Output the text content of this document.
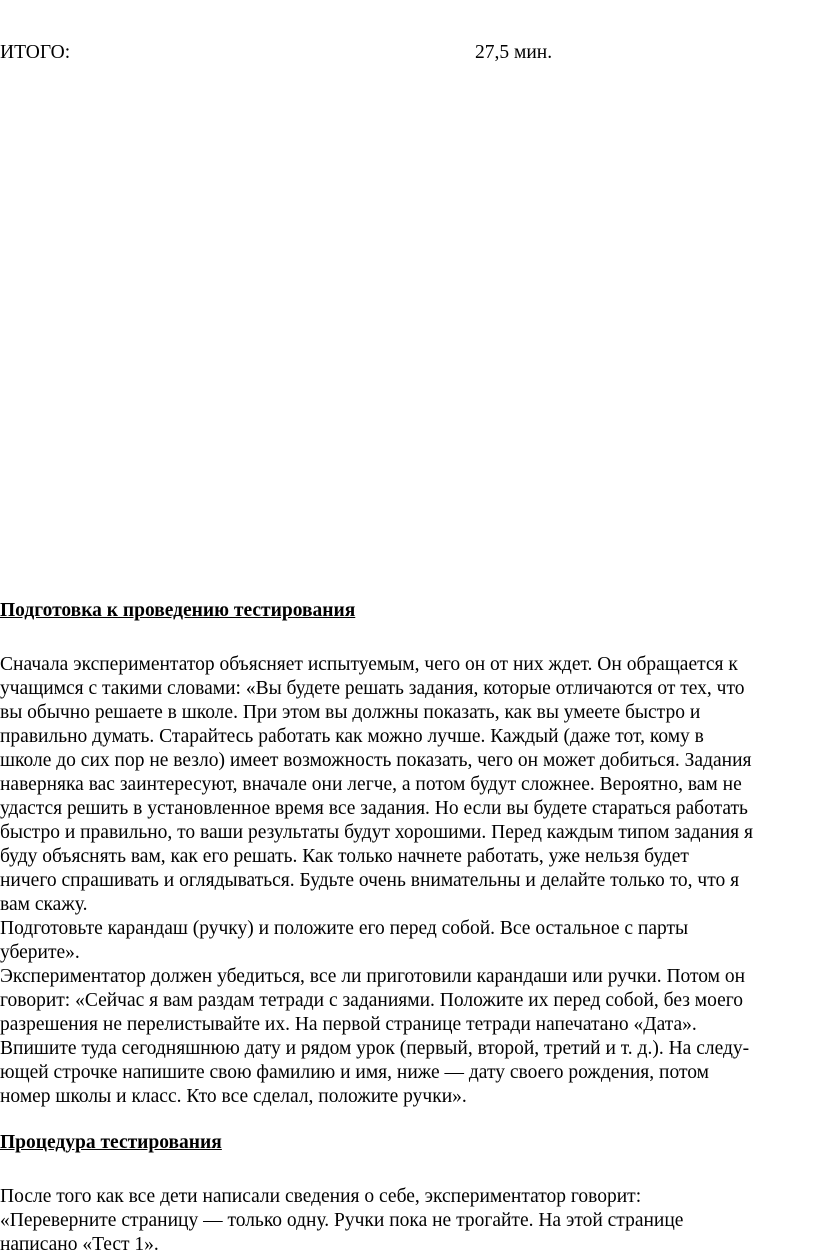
ИТОГО:	27,5 мин.
Подготовка к проведению тестирования
Сначала экспериментатор объясняет испытуемым, чего он от них ждет. Он обращается к
учащимся с такими словами: «Вы будете решать задания, которые отличаются от тех, что
вы обычно решаете в школе. При этом вы должны показать, как вы умеете быстро и
правильно думать. Старайтесь работать как можно лучше. Каждый (даже тот, кому в
школе до сих пор не везло) имеет возможность показать, чего он может добиться. Задания
наверняка вас заинтересуют, вначале они легче, а потом будут сложнее. Вероятно, вам не
удастся решить в установленное время все задания. Но если вы будете стараться работать
быстро и правильно, то ваши результаты будут хорошими. Перед каждым типом задания я
буду объяснять вам, как его решать. Как только начнете работать, уже нельзя будет
ничего спрашивать и оглядываться. Будьте очень внимательны и делайте только то, что я
вам скажу.
Подготовьте карандаш (ручку) и положите его перед собой. Все остальное с парты
уберите».
Экспериментатор должен убедиться, все ли приготовили карандаши или ручки. Потом он
говорит: «Сейчас я вам раздам тетради с заданиями. Положите их перед собой, без моего
разрешения не перелистывайте их. На первой странице тетради напечатано «Дата».
Впишите туда сегодняшнюю дату и рядом урок (первый, второй, третий и т. д.). На следу-
ющей строчке напишите свою фамилию и имя, ниже — дату своего рождения, потом
номер школы и класс. Кто все сделал, положите ручки».
Процедура тестирования
После того как все дети написали сведения о себе, экспериментатор говорит:
«Переверните страницу — только одну. Ручки пока не трогайте. На этой странице
написано «Тест 1».
